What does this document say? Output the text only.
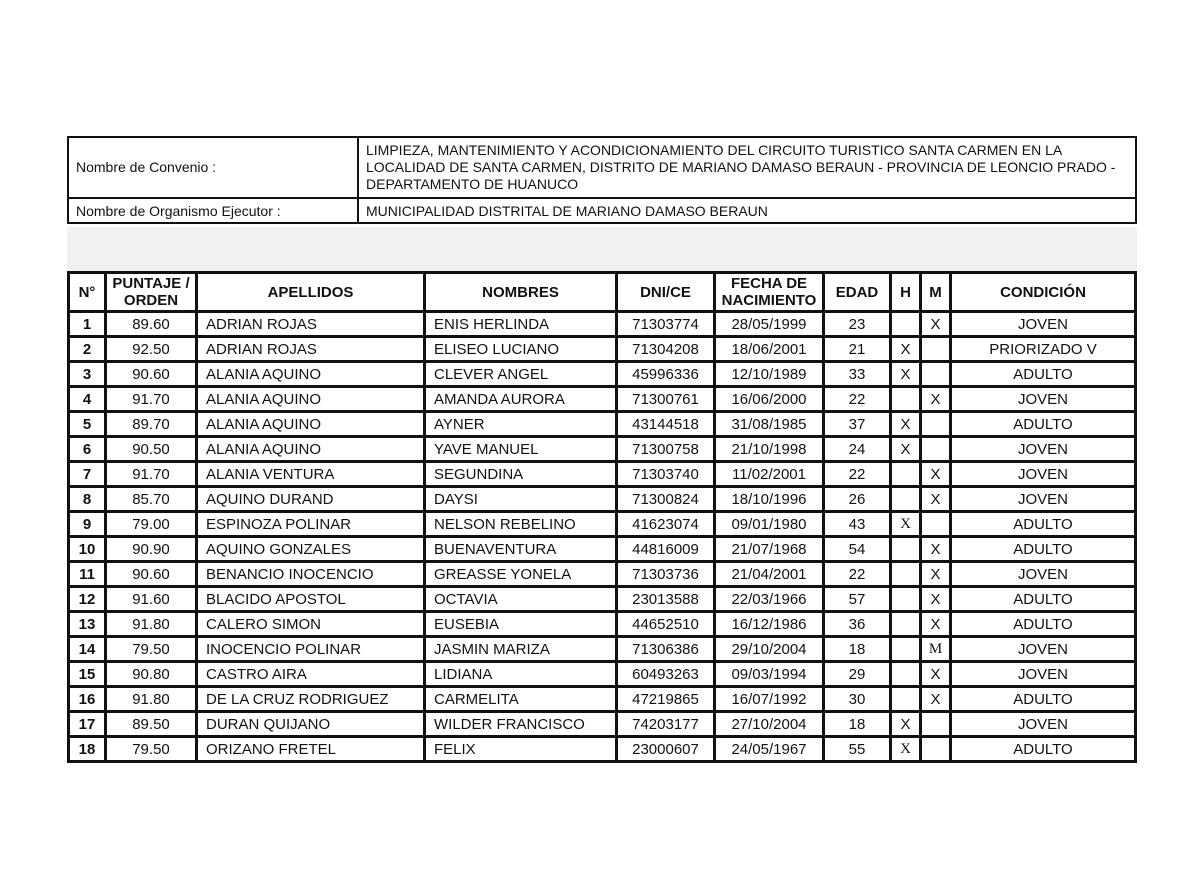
Nombre de Convenio :	LIMPIEZA, MANTENIMIENTO Y ACONDICIONAMIENTO DEL CIRCUITO TURISTICO SANTA CARMEN EN LA LOCALIDAD DE SANTA CARMEN, DISTRITO DE MARIANO DAMASO BERAUN - PROVINCIA DE LEONCIO PRADO - DEPARTAMENTO DE HUANUCO
Nombre de Organismo Ejecutor :	MUNICIPALIDAD DISTRITAL DE MARIANO DAMASO BERAUN
N°	PUNTAJE / ORDEN	APELLIDOS	NOMBRES	DNI/CE	FECHA DE NACIMIENTO	EDAD	H	M	CONDICIÓN
1	89.60	ADRIAN ROJAS	ENIS HERLINDA	71303774	28/05/1999	23		X	JOVEN
2	92.50	ADRIAN ROJAS	ELISEO LUCIANO	71304208	18/06/2001	21	X		PRIORIZADO V
3	90.60	ALANIA AQUINO	CLEVER ANGEL	45996336	12/10/1989	33	X		ADULTO
4	91.70	ALANIA AQUINO	AMANDA AURORA	71300761	16/06/2000	22		X	JOVEN
5	89.70	ALANIA AQUINO	AYNER	43144518	31/08/1985	37	X		ADULTO
6	90.50	ALANIA AQUINO	YAVE MANUEL	71300758	21/10/1998	24	X		JOVEN
7	91.70	ALANIA VENTURA	SEGUNDINA	71303740	11/02/2001	22		X	JOVEN
8	85.70	AQUINO DURAND	DAYSI	71300824	18/10/1996	26		X	JOVEN
9	79.00	ESPINOZA POLINAR	NELSON REBELINO	41623074	09/01/1980	43	X		ADULTO
10	90.90	AQUINO GONZALES	BUENAVENTURA	44816009	21/07/1968	54		X	ADULTO
11	90.60	BENANCIO INOCENCIO	GREASSE YONELA	71303736	21/04/2001	22		X	JOVEN
12	91.60	BLACIDO APOSTOL	OCTAVIA	23013588	22/03/1966	57		X	ADULTO
13	91.80	CALERO SIMON	EUSEBIA	44652510	16/12/1986	36		X	ADULTO
14	79.50	INOCENCIO POLINAR	JASMIN MARIZA	71306386	29/10/2004	18		M	JOVEN
15	90.80	CASTRO AIRA	LIDIANA	60493263	09/03/1994	29		X	JOVEN
16	91.80	DE LA CRUZ RODRIGUEZ	CARMELITA	47219865	16/07/1992	30		X	ADULTO
17	89.50	DURAN QUIJANO	WILDER FRANCISCO	74203177	27/10/2004	18	X		JOVEN
18	79.50	ORIZANO FRETEL	FELIX	23000607	24/05/1967	55	X		ADULTO
